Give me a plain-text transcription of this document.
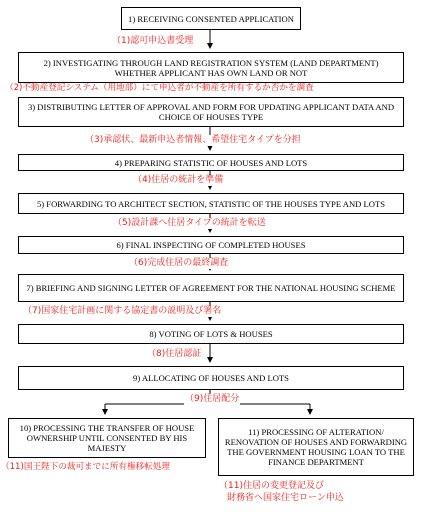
1) RECEIVING CONSENTED APPLICATION
2) INVESTIGATING THROUGH LAND REGISTRATION SYSTEM (LAND DEPARTMENT) WHETHER APPLICANT HAS OWN LAND OR NOT
3) DISTRIBUTING LETTER OF APPROVAL AND FORM FOR UPDATING APPLICANT DATA AND CHOICE OF HOUSES TYPE
4) PREPARING STATISTIC OF HOUSES AND LOTS
5) FORWARDING TO ARCHITECT SECTION, STATISTIC OF THE HOUSES TYPE AND LOTS
6) FINAL INSPECTING OF COMPLETED HOUSES
7) BRIEFING AND SIGNING LETTER OF AGREEMENT FOR THE NATIONAL HOUSING SCHEME
8) VOTING OF LOTS & HOUSES
9) ALLOCATING OF HOUSES AND LOTS
10) PROCESSING THE TRANSFER OF HOUSE OWNERSHIP UNTIL CONSENTED BY HIS MAJESTY
11) PROCESSING OF ALTERATION/ RENOVATION OF HOUSES AND FORWARDING THE GOVERNMENT HOUSING LOAN TO THE FINANCE DEPARTMENT
（1)認可申込書受理
（2)不動産登記システム（用地部）にて申込者が不動産を所有するか否かを調査
（3)承認状、最新申込者情報、希望住宅タイプを分担
（4)住居の統計を準備
（5)設計課へ住居タイプの統計を転送
（6)完成住居の最終調査
（7)国家住宅計画に関する協定書の説明及び署名
（8)住居認証
（9)住居配分
（11)国王陛下の裁可までに所有権移転処理
（11)住居の変更登記及び
財務省へ国家住宅ローン申込
